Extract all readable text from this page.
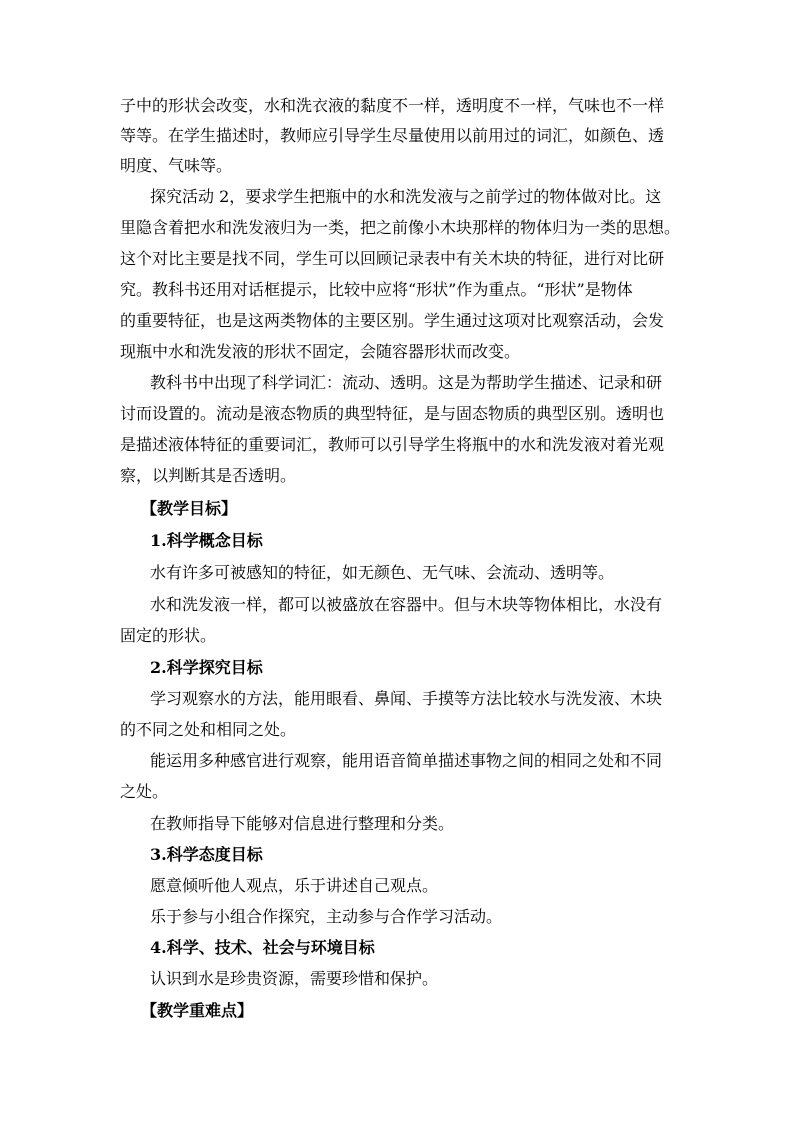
子中的形状会改变，水和洗衣液的黏度不一样，透明度不一样，气味也不一样
等等。在学生描述时，教师应引导学生尽量使用以前用过的词汇，如颜色、透
明度、气味等。
探究活动 2，要求学生把瓶中的水和洗发液与之前学过的物体做对比。这
里隐含着把水和洗发液归为一类，把之前像小木块那样的物体归为一类的思想。
这个对比主要是找不同，学生可以回顾记录表中有关木块的特征，进行对比研
究。教科书还用对话框提示，比较中应将“形状”作为重点。“形状”是物体
的重要特征，也是这两类物体的主要区别。学生通过这项对比观察活动，会发
现瓶中水和洗发液的形状不固定，会随容器形状而改变。
教科书中出现了科学词汇：流动、透明。这是为帮助学生描述、记录和研
讨而设置的。流动是液态物质的典型特征，是与固态物质的典型区别。透明也
是描述液体特征的重要词汇，教师可以引导学生将瓶中的水和洗发液对着光观
察，以判断其是否透明。
【教学目标】
1.科学概念目标
水有许多可被感知的特征，如无颜色、无气味、会流动、透明等。
水和洗发液一样，都可以被盛放在容器中。但与木块等物体相比，水没有
固定的形状。
2.科学探究目标
学习观察水的方法，能用眼看、鼻闻、手摸等方法比较水与洗发液、木块
的不同之处和相同之处。
能运用多种感官进行观察，能用语音简单描述事物之间的相同之处和不同
之处。
在教师指导下能够对信息进行整理和分类。
3.科学态度目标
愿意倾听他人观点，乐于讲述自己观点。
乐于参与小组合作探究，主动参与合作学习活动。
4.科学、技术、社会与环境目标
认识到水是珍贵资源，需要珍惜和保护。
【教学重难点】
